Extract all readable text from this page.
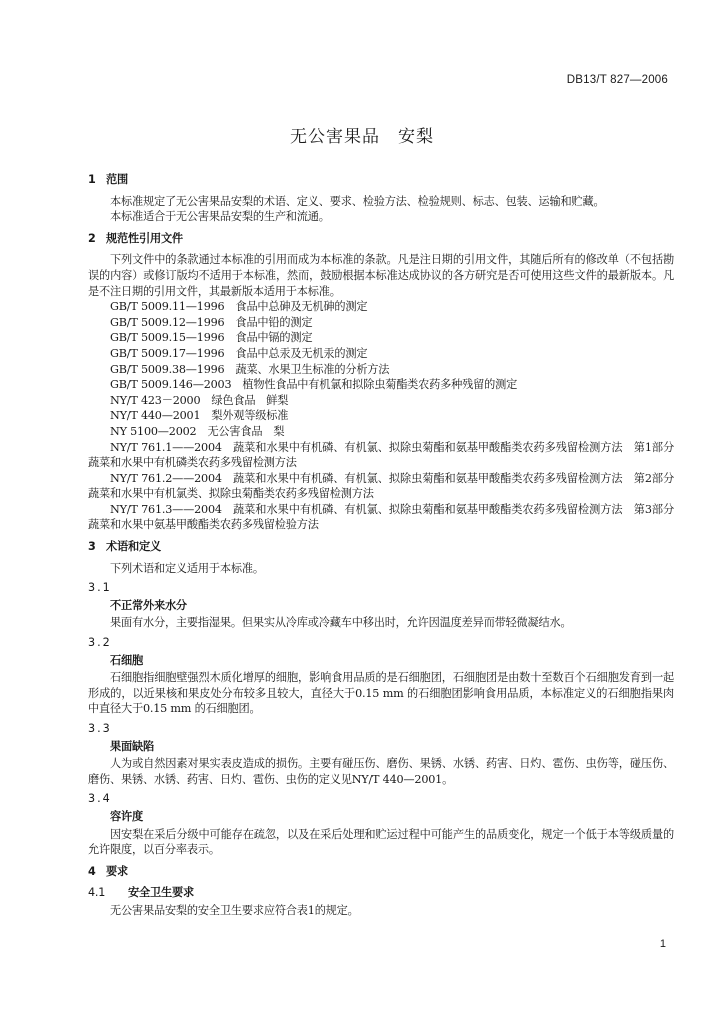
DB13/T 827—2006
无公害果品　安梨
1 范围

本标准规定了无公害果品安梨的术语、定义、要求、检验方法、检验规则、标志、包装、运输和贮藏。

本标准适合于无公害果品安梨的生产和流通。

2 规范性引用文件

下列文件中的条款通过本标准的引用而成为本标准的条款。凡是注日期的引用文件，其随后所有的修改单（不包括勘误的内容）或修订版均不适用于本标准，然而，鼓励根据本标准达成协议的各方研究是否可使用这些文件的最新版本。凡是不注日期的引用文件，其最新版本适用于本标准。

GB/T 5009.11—1996　食品中总砷及无机砷的测定

GB/T 5009.12—1996　食品中铅的测定

GB/T 5009.15—1996　食品中镉的测定

GB/T 5009.17—1996　食品中总汞及无机汞的测定

GB/T 5009.38—1996　蔬菜、水果卫生标准的分析方法

GB/T 5009.146—2003　植物性食品中有机氯和拟除虫菊酯类农药多种残留的测定

NY/T 423－2000　绿色食品　鲜梨

NY/T 440—2001　梨外观等级标准

NY 5100—2002　无公害食品　梨

NY/T 761.1——2004　蔬菜和水果中有机磷、有机氯、拟除虫菊酯和氨基甲酸酯类农药多残留检测方法　第1部分 蔬菜和水果中有机磷类农药多残留检测方法

NY/T 761.2——2004　蔬菜和水果中有机磷、有机氯、拟除虫菊酯和氨基甲酸酯类农药多残留检测方法　第2部分 蔬菜和水果中有机氯类、拟除虫菊酯类农药多残留检测方法

NY/T 761.3——2004　蔬菜和水果中有机磷、有机氯、拟除虫菊酯和氨基甲酸酯类农药多残留检测方法　第3部分 蔬菜和水果中氨基甲酸酯类农药多残留检验方法

3 术语和定义

下列术语和定义适用于本标准。

3.1
不正常外来水分

果面有水分，主要指湿果。但果实从冷库或冷藏车中移出时，允许因温度差异而带轻微凝结水。

3.2
石细胞

石细胞指细胞壁强烈木质化增厚的细胞，影响食用品质的是石细胞团，石细胞团是由数十至数百个石细胞发育到一起形成的，以近果核和果皮处分布较多且较大，直径大于0.15 mm 的石细胞团影响食用品质，本标准定义的石细胞指果肉中直径大于0.15 mm 的石细胞团。

3.3
果面缺陷

人为或自然因素对果实表皮造成的损伤。主要有碰压伤、磨伤、果锈、水锈、药害、日灼、雹伤、虫伤等，碰压伤、磨伤、果锈、水锈、药害、日灼、雹伤、虫伤的定义见NY/T 440—2001。

3.4
容许度

因安梨在采后分级中可能存在疏忽，以及在采后处理和贮运过程中可能产生的品质变化，规定一个低于本等级质量的允许限度，以百分率表示。

4 要求
4.1 安全卫生要求

无公害果品安梨的安全卫生要求应符合表1的规定。

1
